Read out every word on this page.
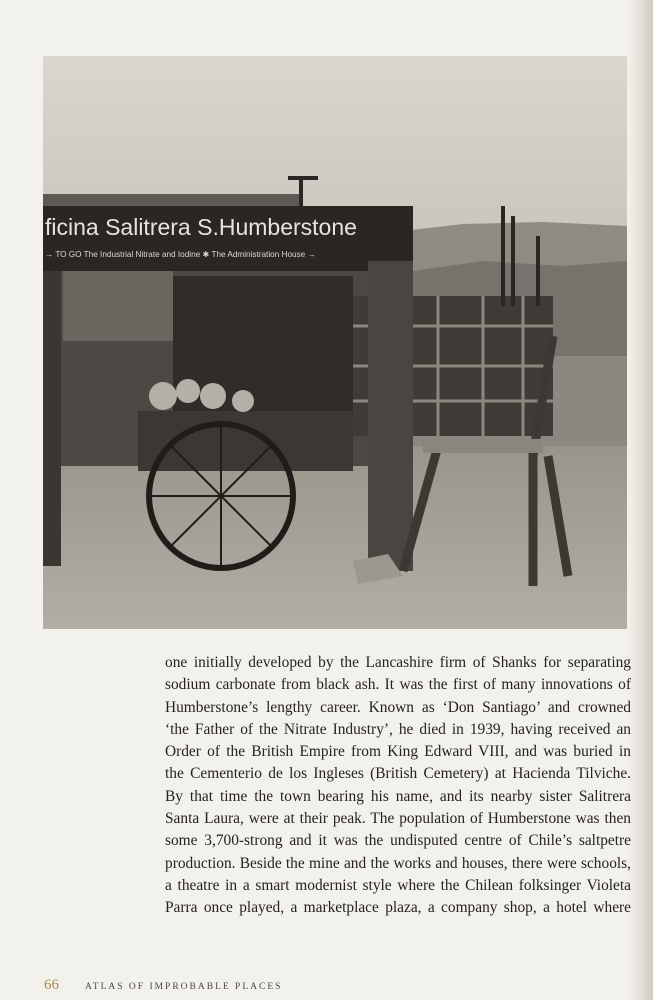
ficina Salitrera S.Humberstone
→ TO GO The Industrial Nitrate and Iodine ✱ The Administration House →
one initially developed by the Lancashire firm of Shanks for separating
sodium carbonate from black ash. It was the first of many innovations of
Humberstone’s lengthy career. Known as ‘Don Santiago’ and crowned
‘the Father of the Nitrate Industry’, he died in 1939, having received an
Order of the British Empire from King Edward VIII, and was buried in
the Cementerio de los Ingleses (British Cemetery) at Hacienda Tilviche.
By that time the town bearing his name, and its nearby sister Salitrera
Santa Laura, were at their peak. The population of Humberstone was then
some 3,700-strong and it was the undisputed centre of Chile’s saltpetre
production. Beside the mine and the works and houses, there were schools,
a theatre in a smart modernist style where the Chilean folksinger Violeta
Parra once played, a marketplace plaza, a company shop, a hotel where
66	ATLAS OF IMPROBABLE PLACES
